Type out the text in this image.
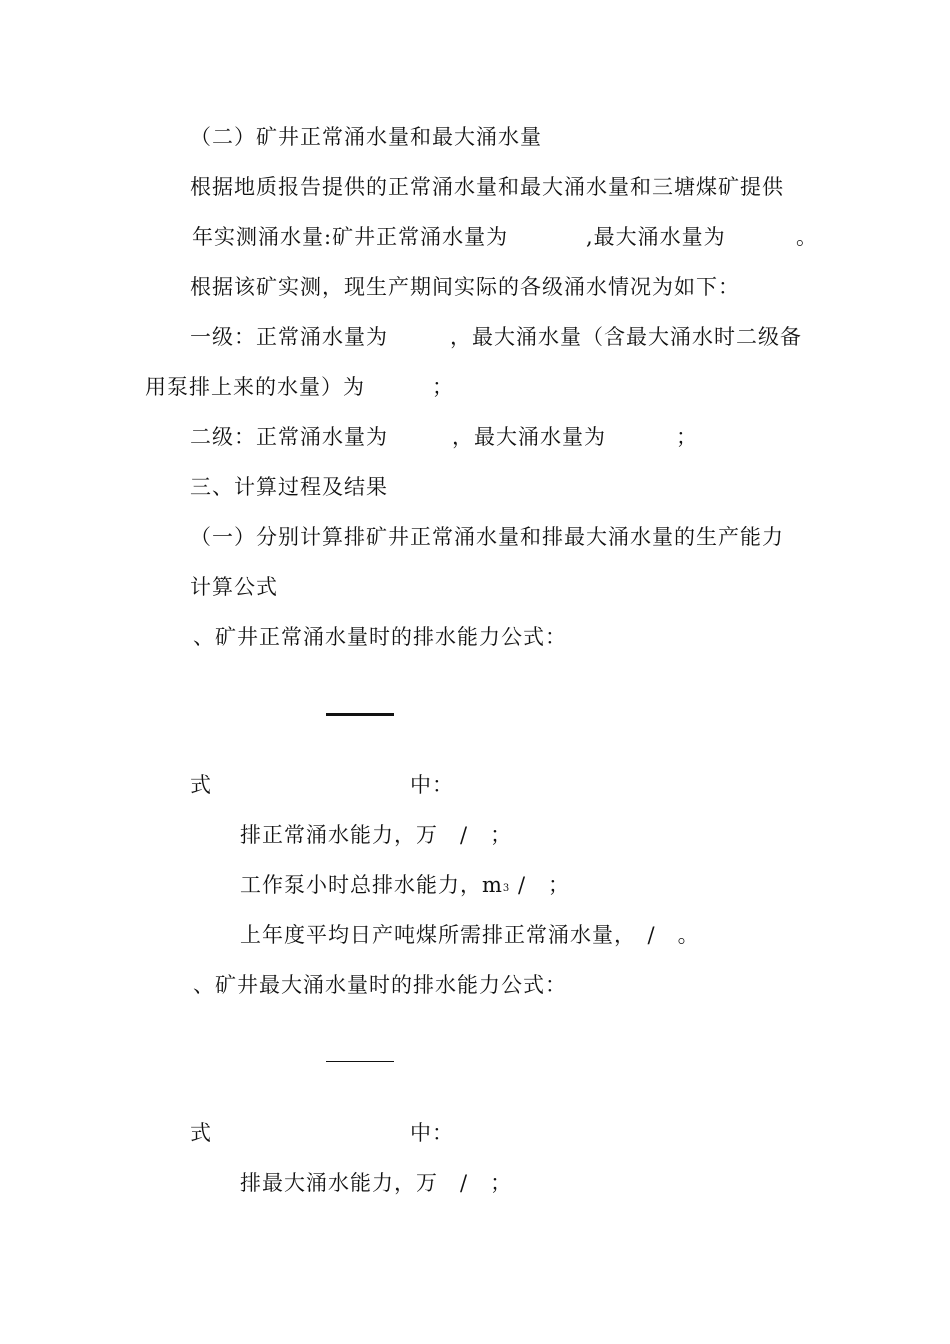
（二）矿井正常涌水量和最大涌水量
根据地质报告提供的正常涌水量和最大涌水量和三塘煤矿提供
年实测涌水量:矿井正常涌水量为	,最大涌水量为	。
根据该矿实测，现生产期间实际的各级涌水情况为如下：
一级：正常涌水量为	，最大涌水量（含最大涌水时二级备
用泵排上来的水量）为	；
二级：正常涌水量为	，最大涌水量为	；
三、计算过程及结果
（一）分别计算排矿井正常涌水量和排最大涌水量的生产能力
计算公式
、矿井正常涌水量时的排水能力公式：
式	中：
排正常涌水能力，万　/　；
工作泵小时总排水能力，m3 /　；
上年度平均日产吨煤所需排正常涌水量，　/　。
、矿井最大涌水量时的排水能力公式：
式	中：
排最大涌水能力，万　/　；
